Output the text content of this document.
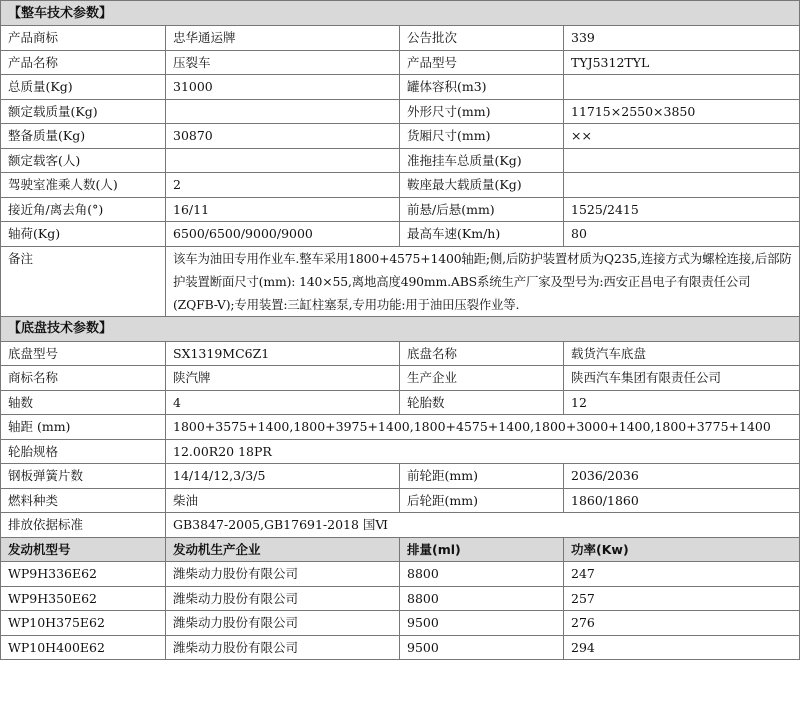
【整车技术参数】			
产品商标	忠华通运牌	公告批次	339
产品名称	压裂车	产品型号	TYJ5312TYL
总质量(Kg)	31000	罐体容积(m3)	
额定载质量(Kg)		外形尺寸(mm)	11715×2550×3850
整备质量(Kg)	30870	货厢尺寸(mm)	××
额定载客(人)		准拖挂车总质量(Kg)	
驾驶室准乘人数(人)	2	鞍座最大载质量(Kg)	
接近角/离去角(°)	16/11	前悬/后悬(mm)	1525/2415
轴荷(Kg)	6500/6500/9000/9000	最高车速(Km/h)	80
备注	该车为油田专用作业车.整车采用1800+4575+1400轴距;侧,后防护装置材质为Q235,连接方式为螺栓连接,后部防护装置断面尺寸(mm): 140×55,离地高度490mm.ABS系统生产厂家及型号为:西安正昌电子有限责任公司(ZQFB-V);专用装置:三缸柱塞泵,专用功能:用于油田压裂作业等.		
【底盘技术参数】			
底盘型号	SX1319MC6Z1	底盘名称	载货汽车底盘
商标名称	陕汽牌	生产企业	陕西汽车集团有限责任公司
轴数	4	轮胎数	12
轴距 (mm)	1800+3575+1400,1800+3975+1400,1800+4575+1400,1800+3000+1400,1800+3775+1400		
轮胎规格	12.00R20 18PR		
钢板弹簧片数	14/14/12,3/3/5	前轮距(mm)	2036/2036
燃料种类	柴油	后轮距(mm)	1860/1860
排放依据标准	GB3847-2005,GB17691-2018 国Ⅵ		
发动机型号	发动机生产企业	排量(ml)	功率(Kw)
WP9H336E62	潍柴动力股份有限公司	8800	247
WP9H350E62	潍柴动力股份有限公司	8800	257
WP10H375E62	潍柴动力股份有限公司	9500	276
WP10H400E62	潍柴动力股份有限公司	9500	294
